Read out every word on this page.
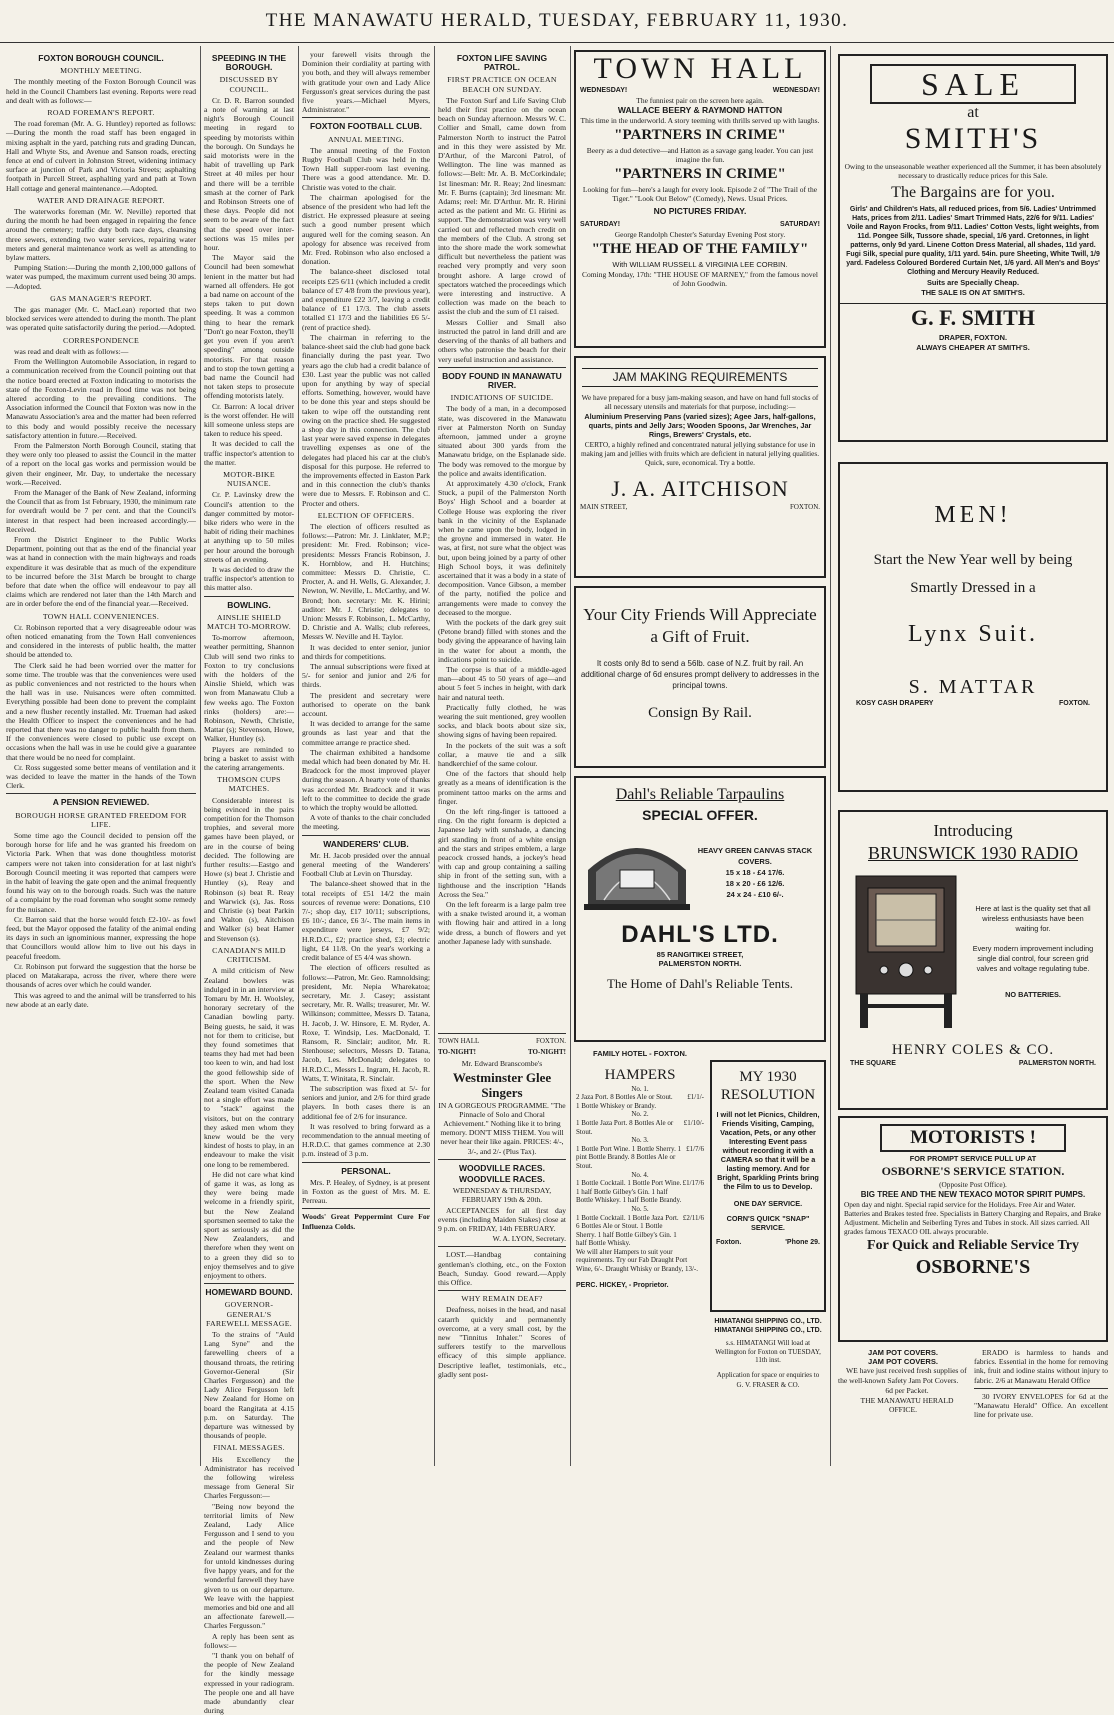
THE MANAWATU HERALD, TUESDAY, FEBRUARY 11, 1930.
FOXTON BOROUGH COUNCIL.
MONTHLY MEETING.

The monthly meeting of the Foxton Borough Council was held in the Council Chambers last evening. Reports were read and dealt with as follows:—

ROAD FOREMAN'S REPORT.

The road foreman (Mr. A. G. Huntley) reported as follows:—During the month the road staff has been engaged in mixing asphalt in the yard, patching ruts and grading Duncan, Hall and Whyte Sts, and Avenue and Sanson roads, erecting fence at end of culvert in Johnston Street, widening intimacy surface at junction of Park and Victoria Streets; asphalting footpath in Purcell Street, asphalting yard and path at Town Hall cottage and general maintenance.—Adopted.

WATER AND DRAINAGE REPORT.

The waterworks foreman (Mr. W. Neville) reported that during the month he had been engaged in repairing the fence around the cemetery; traffic duty both race days, cleansing three sewers, extending two water services, repairing water meters and general maintenance work as well as attending to bylaw matters.

Pumping Station:—During the month 2,100,000 gallons of water was pumped, the maximum current used being 30 amps.—Adopted.

GAS MANAGER'S REPORT.

The gas manager (Mr. C. MacLean) reported that two blocked services were attended to during the month. The plant was operated quite satisfactorily during the period.—Adopted.

CORRESPONDENCE

was read and dealt with as follows:—

From the Wellington Automobile Association, in regard to a communication received from the Council pointing out that the notice board erected at Foxton indicating to motorists the state of the Foxton-Levin road in flood time was not being altered according to the prevailing conditions. The Association informed the Council that Foxton was now in the Manawatu Association's area and the matter had been referred to this body and would possibly receive the necessary satisfactory attention in future.—Received.

From the Palmerston North Borough Council, stating that they were only too pleased to assist the Council in the matter of a report on the local gas works and permission would be given their engineer, Mr. Day, to undertake the necessary work.—Received.

From the Manager of the Bank of New Zealand, informing the Council that as from 1st February, 1930, the minimum rate for overdraft would be 7 per cent. and that the Council's interest in that respect had been increased accordingly.—Received.

From the District Engineer to the Public Works Department, pointing out that as the end of the financial year was at hand in connection with the main highways and roads expenditure it was desirable that as much of the expenditure to be incurred before the 31st March be brought to charge before that date when the office will endeavour to pay all claims which are rendered not later than the 14th March and are in order before the end of the financial year.—Received.

TOWN HALL CONVENIENCES.

Cr. Robinson reported that a very disagreeable odour was often noticed emanating from the Town Hall conveniences and considered in the interests of public health, the matter should be attended to.

The Clerk said he had been worried over the matter for some time. The trouble was that the conveniences were used as public conveniences and not restricted to the hours when the hall was in use. Nuisances were often committed. Everything possible had been done to prevent the complaint and a new flusher recently installed. Mr. Trueman had asked the Health Officer to inspect the conveniences and he had reported that there was no danger to public health from them. If the conveniences were closed to public use except on occasions when the hall was in use he could give a guarantee that there would be no need for complaint.

Cr. Ross suggested some better means of ventilation and it was decided to leave the matter in the hands of the Town Clerk.

A PENSION REVIEWED.
BOROUGH HORSE GRANTED FREEDOM FOR LIFE.

Some time ago the Council decided to pension off the borough horse for life and he was granted his freedom on Victoria Park. When that was done thoughtless motorist campers were not taken into consideration for at last night's Borough Council meeting it was reported that campers were in the habit of leaving the gate open and the animal frequently found his way on to the borough roads. Such was the nature of a complaint by the road foreman who sought some remedy for the nuisance.

Cr. Barron said that the horse would fetch £2-10/- as fowl feed, but the Mayor opposed the fatality of the animal ending its days in such an ignominious manner, expressing the hope that Councillors would allow him to live out his days in peaceful freedom.

Cr. Robinson put forward the suggestion that the horse be placed on Matakarapa, across the river, where there were thousands of acres over which he could wander.

This was agreed to and the animal will be transferred to his new abode at an early date.

SPEEDING IN THE BOROUGH.
DISCUSSED BY COUNCIL.

Cr. D. R. Barron sounded a note of warning at last night's Borough Council meeting in regard to speeding by motorists within the borough. On Sundays he said motorists were in the habit of travelling up Park Street at 40 miles per hour and there will be a terrible smash at the corner of Park and Robinson Streets one of these days. People did not seem to be aware of the fact that the speed over inter-sections was 15 miles per hour.

The Mayor said the Council had been somewhat lenient in the matter but had warned all offenders. He got a bad name on account of the steps taken to put down speeding. It was a common thing to hear the remark "Don't go near Foxton, they'll get you even if you aren't speeding" among outside motorists. For that reason and to stop the town getting a bad name the Council had not taken steps to prosecute offending motorists lately.

Cr. Barron: A local driver is the worst offender. He will kill someone unless steps are taken to reduce his speed.

It was decided to call the traffic inspector's attention to the matter.

MOTOR-BIKE NUISANCE.

Cr. P. Lavinsky drew the Council's attention to the danger committed by motor-bike riders who were in the habit of riding their machines at anything up to 50 miles per hour around the borough streets of an evening.

It was decided to draw the traffic inspector's attention to this matter also.

BOWLING.
AINSLIE SHIELD MATCH TO-MORROW.

To-morrow afternoon, weather permitting, Shannon Club will send two rinks to Foxton to try conclusions with the holders of the Ainslie Shield, which was won from Manawatu Club a few weeks ago. The Foxton rinks (holders) are:—Robinson, Newth, Christie, Mattar (s); Stevenson, Howe, Walker, Huntley (s).

Players are reminded to bring a basket to assist with the catering arrangements.

THOMSON CUPS MATCHES.

Considerable interest is being evinced in the pairs competition for the Thomson trophies, and several more games have been played, or are in the course of being decided. The following are further results:—Eastgo and Howe (s) beat J. Christie and Huntley (s), Reay and Robinson (s) beat R. Reay and Warwick (s), Jas. Ross and Christie (s) beat Parkin and Walton (s), Aitchison and Walker (s) beat Hamer and Stevenson (s).

CANADIAN'S MILD CRITICISM.

A mild criticism of New Zealand bowlers was indulged in in an interview at Tomaru by Mr. H. Woolsley, honorary secretary of the Canadian bowling party. Being guests, he said, it was not for them to criticise, but they found sometimes that teams they had met had been too keen to win, and had lost the good fellowship side of the sport. When the New Zealand team visited Canada not a single effort was made to "stack" against the visitors, but on the contrary they asked men whom they knew would be the very kindest of hosts to play, in an endeavour to make the visit one long to be remembered.

He did not care what kind of game it was, as long as they were being made welcome in a friendly spirit, but the New Zealand sportsmen seemed to take the sport as seriously as did the New Zealanders, and therefore when they went on to a green they did so to enjoy themselves and to give enjoyment to others.

HOMEWARD BOUND.
GOVERNOR-GENERAL'S FAREWELL MESSAGE.

To the strains of "Auld Lang Syne" and the farewelling cheers of a thousand throats, the retiring Governor-General (Sir Charles Fergusson) and the Lady Alice Fergusson left New Zealand for Home on board the Rangitata at 4.15 p.m. on Saturday. The departure was witnessed by thousands of people.

FINAL MESSAGES.

His Excellency the Administrator has received the following wireless message from General Sir Charles Fergusson:—

"Being now beyond the territorial limits of New Zealand, Lady Alice Fergusson and I send to you and the people of New Zealand our warmest thanks for untold kindnesses during five happy years, and for the wonderful farewell they have given to us on our departure. We leave with the happiest memories and bid one and all an affectionate farewell.—Charles Fergusson."

A reply has been sent as follows:—

"I thank you on behalf of the people of New Zealand for the kindly message expressed in your radiogram. The people one and all have made abundantly clear during

your farewell visits through the Dominion their cordiality at parting with you both, and they will always remember with gratitude your own and Lady Alice Fergusson's great services during the past five years.—Michael Myers, Administrator."

FOXTON FOOTBALL CLUB.
ANNUAL MEETING.

The annual meeting of the Foxton Rugby Football Club was held in the Town Hall supper-room last evening. There was a good attendance. Mr. D. Christie was voted to the chair.

The chairman apologised for the absence of the president who had left the district. He expressed pleasure at seeing such a good number present which augured well for the coming season. An apology for absence was received from Mr. Fred. Robinson who also enclosed a donation.

The balance-sheet disclosed total receipts £25 6/11 (which included a credit balance of £7 4/8 from the previous year), and expenditure £22 3/7, leaving a credit balance of £1 17/3. The club assets totalled £1 17/3 and the liabilities £6 5/- (rent of practice shed).

The chairman in referring to the balance-sheet said the club had gone back financially during the past year. Two years ago the club had a credit balance of £30. Last year the public was not called upon for anything by way of special efforts. Something, however, would have to be done this year and steps should be taken to wipe off the outstanding rent owing on the practice shed. He suggested a shop day in this connection. The club last year were saved expense in delegates travelling expenses as one of the delegates had placed his car at the club's disposal for this purpose. He referred to the improvements effected in Easton Park and in this connection the club's thanks were due to Messrs. F. Robinson and C. Procter and others.

ELECTION OF OFFICERS.

The election of officers resulted as follows:—Patron: Mr. J. Linklater, M.P.; president: Mr. Fred. Robinson; vice-presidents: Messrs Francis Robinson, J. K. Hornblow, and H. Hutchins; committee: Messrs D. Christie, C. Procter, A. and H. Wells, G. Alexander, J. Newton, W. Neville, L. McCarthy, and W. Brond; hon. secretary: Mr. K. Hirini; auditor: Mr. J. Christie; delegates to Union: Messrs F. Robinson, L. McCarthy, D. Christie and A. Walls; club referees, Messrs W. Neville and H. Taylor.

It was decided to enter senior, junior and thirds for competitions.

The annual subscriptions were fixed at 5/- for senior and junior and 2/6 for thirds.

The president and secretary were authorised to operate on the bank account.

It was decided to arrange for the same grounds as last year and that the committee arrange re practice shed.

The chairman exhibited a handsome medal which had been donated by Mr. H. Bradcock for the most improved player during the season. A hearty vote of thanks was accorded Mr. Bradcock and it was left to the committee to decide the grade to which the trophy would be allotted.

A vote of thanks to the chair concluded the meeting.

WANDERERS' CLUB.

Mr. H. Jacob presided over the annual general meeting of the Wanderers' Football Club at Levin on Thursday.

The balance-sheet showed that in the total receipts of £51 14/2 the main sources of revenue were: Donations, £10 7/-; shop day, £17 10/11; subscriptions, £6 10/-; dance, £6 3/-. The main items in expenditure were jerseys, £7 9/2; H.R.D.C., £2; practice shed, £3; electric light, £4 11/8. On the year's working a credit balance of £5 4/4 was shown.

The election of officers resulted as follows:—Patron, Mr. Geo. Ramnoldsing; president, Mr. Nepia Wharekatoa; secretary, Mr. J. Casey; assistant secretary, Mr. R. Walls; treasurer, Mr. W. Wilkinson; committee, Messrs D. Tatana, H. Jacob, J. W. Hinsore, E. M. Ryder, A. Roxe, T. Windsip, Les. MacDonald, T. Ransom, R. Sinclair; auditor, Mr. R. Stenhouse; selectors, Messrs D. Tatana, Jacob, Les. McDonald; delegates to H.R.D.C., Messrs L. Ingram, H. Jacob, R. Watts, T. Winitata, R. Sinclair.

The subscription was fixed at 5/- for seniors and junior, and 2/6 for third grade players. In both cases there is an additional fee of 2/6 for insurance.

It was resolved to bring forward as a recommendation to the annual meeting of H.R.D.C. that games commence at 2.30 p.m. instead of 3 p.m.

PERSONAL.

Mrs. P. Healey, of Sydney, is at present in Foxton as the guest of Mrs. M. E. Perreau.

Woods' Great Peppermint Cure For Influenza Colds.

FOXTON LIFE SAVING PATROL.
FIRST PRACTICE ON OCEAN BEACH ON SUNDAY.

The Foxton Surf and Life Saving Club held their first practice on the ocean beach on Sunday afternoon. Messrs W. C. Collier and Small, came down from Palmerston North to instruct the Patrol and in this they were assisted by Mr. D'Arthur, of the Marconi Patrol, of Wellington. The line was manned as follows:—Belt: Mr. A. B. McCorkindale; 1st linesman: Mr. R. Reay; 2nd linesman: Mr. F. Burns (captain); 3rd linesman: Mr. Adams; reel: Mr. D'Arthur. Mr. R. Hirini acted as the patient and Mr. G. Hirini as support. The demonstration was very well carried out and reflected much credit on the members of the Club. A strong set into the shore made the work somewhat difficult but nevertheless the patient was reached very promptly and very soon brought ashore. A large crowd of spectators watched the proceedings which were interesting and instructive. A collection was made on the beach to assist the club and the sum of £1 raised.

Messrs Collier and Small also instructed the patrol in land drill and are deserving of the thanks of all bathers and others who patronise the beach for their very useful instruction and assistance.

BODY FOUND IN MANAWATU RIVER.
INDICATIONS OF SUICIDE.

The body of a man, in a decomposed state, was discovered in the Manawatu river at Palmerston North on Sunday afternoon, jammed under a groyne situated about 300 yards from the Manawatu bridge, on the Esplanade side. The body was removed to the morgue by the police and awaits identification.

At approximately 4.30 o'clock, Frank Stuck, a pupil of the Palmerston North Boys' High School and a boarder at College House was exploring the river bank in the vicinity of the Esplanade when he came upon the body, lodged in the groyne and immersed in water. He was, at first, not sure what the object was but, upon being joined by a party of other High School boys, it was definitely ascertained that it was a body in a state of decomposition. Vance Gibson, a member of the party, notified the police and arrangements were made to convey the deceased to the morgue.

With the pockets of the dark grey suit (Petone brand) filled with stones and the body giving the appearance of having lain in the water for about a month, the indications point to suicide.

The corpse is that of a middle-aged man—about 45 to 50 years of age—and about 5 feet 5 inches in height, with dark hair and natural teeth.

Practically fully clothed, he was wearing the suit mentioned, grey woollen socks, and black boots about size six, showing signs of having been repaired.

In the pockets of the suit was a soft collar, a mauve tie and a silk handkerchief of the same colour.

One of the factors that should help greatly as a means of identification is the prominent tattoo marks on the arms and finger.

On the left ring-finger is tattooed a ring. On the right forearm is depicted a Japanese lady with sunshade, a dancing girl standing in front of a white ensign and the stars and stripes emblem, a large peacock crossed hands, a jockey's head with cap and group containing a sailing ship in front of the setting sun, with a lighthouse and the inscription "Hands Across the Sea."

On the left forearm is a large palm tree with a snake twisted around it, a woman with flowing hair and attired in a long wide dress, a bunch of flowers and yet another Japanese lady with sunshade.

TOWN HALL	FOXTON.
TO-NIGHT!	TO-NIGHT!

Mr. Edward Branscombe's

Westminster Glee Singers

IN A GORGEOUS PROGRAMME. "The Pinnacle of Solo and Choral Achievement." Nothing like it to bring memory. DON'T MISS THEM. You will never hear their like again. PRICES: 4/-, 3/-, and 2/- (Plus Tax).

WOODVILLE RACES.
WOODVILLE RACES.

WEDNESDAY & THURSDAY, FEBRUARY 19th & 20th.

ACCEPTANCES for all first day events (including Maiden Stakes) close at 9 p.m. on FRIDAY, 14th FEBRUARY.

W. A. LYON, Secretary.

LOST.—Handbag containing gentleman's clothing, etc., on the Foxton Beach, Sunday. Good reward.—Apply this Office.

WHY REMAIN DEAF?

Deafness, noises in the head, and nasal catarrh quickly and permanently overcome, at a very small cost, by the new "Tinnitus Inhaler." Scores of sufferers testify to the marvellous efficacy of this simple appliance. Descriptive leaflet, testimonials, etc., gladly sent post-

TOWN HALL
WEDNESDAY!	WEDNESDAY!

The funniest pair on the screen here again.

WALLACE BEERY & RAYMOND HATTON

This time in the underworld. A story teeming with thrills served up with laughs.

"PARTNERS IN CRIME"

Beery as a dud detective—and Hatton as a savage gang leader. You can just imagine the fun.

"PARTNERS IN CRIME"

Looking for fun—here's a laugh for every look. Episode 2 of "The Trail of the Tiger." "Look Out Below" (Comedy), News. Usual Prices.

NO PICTURES FRIDAY.

SATURDAY!	SATURDAY!

George Randolph Chester's Saturday Evening Post story.

"THE HEAD OF THE FAMILY"

With WILLIAM RUSSELL & VIRGINIA LEE CORBIN.

Coming Monday, 17th: "THE HOUSE OF MARNEY," from the famous novel of John Goodwin.

JAM MAKING REQUIREMENTS

We have prepared for a busy jam-making season, and have on hand full stocks of all necessary utensils and materials for that purpose, including:—

Aluminium Preserving Pans (varied sizes); Agee Jars, half-gallons, quarts, pints and Jelly Jars; Wooden Spoons, Jar Wrenches, Jar Rings, Brewers' Crystals, etc.

CERTO, a highly refined and concentrated natural jellying substance for use in making jam and jellies with fruits which are deficient in natural jellying qualities. Quick, sure, economical. Try a bottle.

J. A. AITCHISON
MAIN STREET,	FOXTON.
Your City Friends Will Appreciate a Gift of Fruit.

It costs only 8d to send a 56lb. case of N.Z. fruit by rail. An additional charge of 6d ensures prompt delivery to addresses in the principal towns.

Consign By Rail.
Dahl's Reliable Tarpaulins
SPECIAL OFFER.
HEAVY GREEN CANVAS STACK COVERS.
15 x 18 - £4 17/6.
18 x 20 - £6 12/6.
24 x 24 - £10 6/-.
DAHL'S LTD.
85 RANGITIKEI STREET,
PALMERSTON NORTH.
The Home of Dahl's Reliable Tents.
FAMILY HOTEL - FOXTON.
HAMPERS
No. 1.
2 Jaza Port. 8 Bottles Ale or Stout. £1/1/-
1 Bottle Whiskey or Brandy.
No. 2.
1 Bottle Jaza Port. 8 Bottles Ale or Stout.
£1/10/-
No. 3.
1 Bottle Port Wine. 1 Bottle Sherry. 1 pint Bottle Brandy. 8 Bottles Ale or Stout.
£1/7/6
No. 4.
1 Bottle Cocktail. 1 Bottle Port Wine. 1 half Bottle Gilbey's Gin. 1 half Bottle Whiskey. 1 half Bottle Brandy.
£1/17/6
No. 5.
1 Bottle Cocktail. 1 Bottle Jaza Port. 6 Bottles Ale or Stout. 1 Bottle Sherry. 1 half Bottle Gilbey's Gin. 1 half Bottle Whisky.
£2/11/6
We will alter Hampers to suit your requirements. Try our Fab Draught Port Wine, 6/-. Draught Whisky or Brandy, 13/-.
PERC. HICKEY, - Proprietor.
MY 1930
RESOLUTION

I will not let Picnics, Children, Friends Visiting, Camping, Vacation, Pets, or any other Interesting Event pass without recording it with a CAMERA so that it will be a lasting memory. And for Bright, Sparkling Prints bring the Film to us to Develop.

ONE DAY SERVICE.

CORN'S QUICK "SNAP" SERVICE.

Foxton.	'Phone 29.
HIMATANGI SHIPPING CO., LTD.
HIMATANGI SHIPPING CO., LTD.

s.s. HIMATANGI Will load at Wellington for Foxton on TUESDAY, 11th inst.

Application for space or enquiries to

G. V. FRASER & CO.

SALE
at
SMITH'S

Owing to the unseasonable weather experienced all the Summer, it has been absolutely necessary to drastically reduce prices for this Sale.

The Bargains are for you.

Girls' and Children's Hats, all reduced prices, from 5/6. Ladies' Untrimmed Hats, prices from 2/11. Ladies' Smart Trimmed Hats, 22/6 for 9/11. Ladies' Voile and Rayon Frocks, from 9/11. Ladies' Cotton Vests, light weights, from 11d. Pongee Silk, Tussore shade, special, 1/6 yard. Cretonnes, in light patterns, only 9d yard. Linene Cotton Dress Material, all shades, 11d yard. Fugi Silk, special pure quality, 1/11 yard. 54in. pure Sheeting, White Twill, 1/9 yard. Fadeless Coloured Bordered Curtain Net, 1/6 yard. All Men's and Boys' Clothing and Mercury Heavily Reduced.

Suits are Specially Cheap.

THE SALE IS ON AT SMITH'S.

G. F. SMITH

DRAPER, FOXTON.

ALWAYS CHEAPER AT SMITH'S.

MEN!
Start the New Year well by being Smartly Dressed in a
Lynx Suit.
S. MATTAR
KOSY CASH DRAPERY	FOXTON.
Introducing
BRUNSWICK 1930 RADIO

Here at last is the quality set that all wireless enthusiasts have been waiting for.

Every modern improvement including single dial control, four screen grid valves and voltage regulating tube.

NO BATTERIES.

HENRY COLES & CO.
THE SQUARE	PALMERSTON NORTH.
MOTORISTS !

FOR PROMPT SERVICE PULL UP AT

OSBORNE'S SERVICE STATION.

(Opposite Post Office).

BIG TREE AND THE NEW TEXACO MOTOR SPIRIT PUMPS.

Open day and night. Special rapid service for the Holidays. Free Air and Water. Batteries and Brakes tested free. Specialists in Battery Charging and Repairs, and Brake Adjustment. Michelin and Seiberling Tyres and Tubes in stock. All sizes carried. All grades famous TEXACO OIL always procurable.

For Quick and Reliable Service Try

OSBORNE'S

JAM POT COVERS.
JAM POT COVERS.

WE have just received fresh supplies of the well-known Safety Jam Pot Covers.

6d per Packet.

THE MANAWATU HERALD OFFICE.

ERADO is harmless to hands and fabrics. Essential in the home for removing ink, fruit and iodine stains without injury to fabric. 2/6 at Manawatu Herald Office

30 IVORY ENVELOPES for 6d at the "Manawatu Herald" Office. An excellent line for private use.
